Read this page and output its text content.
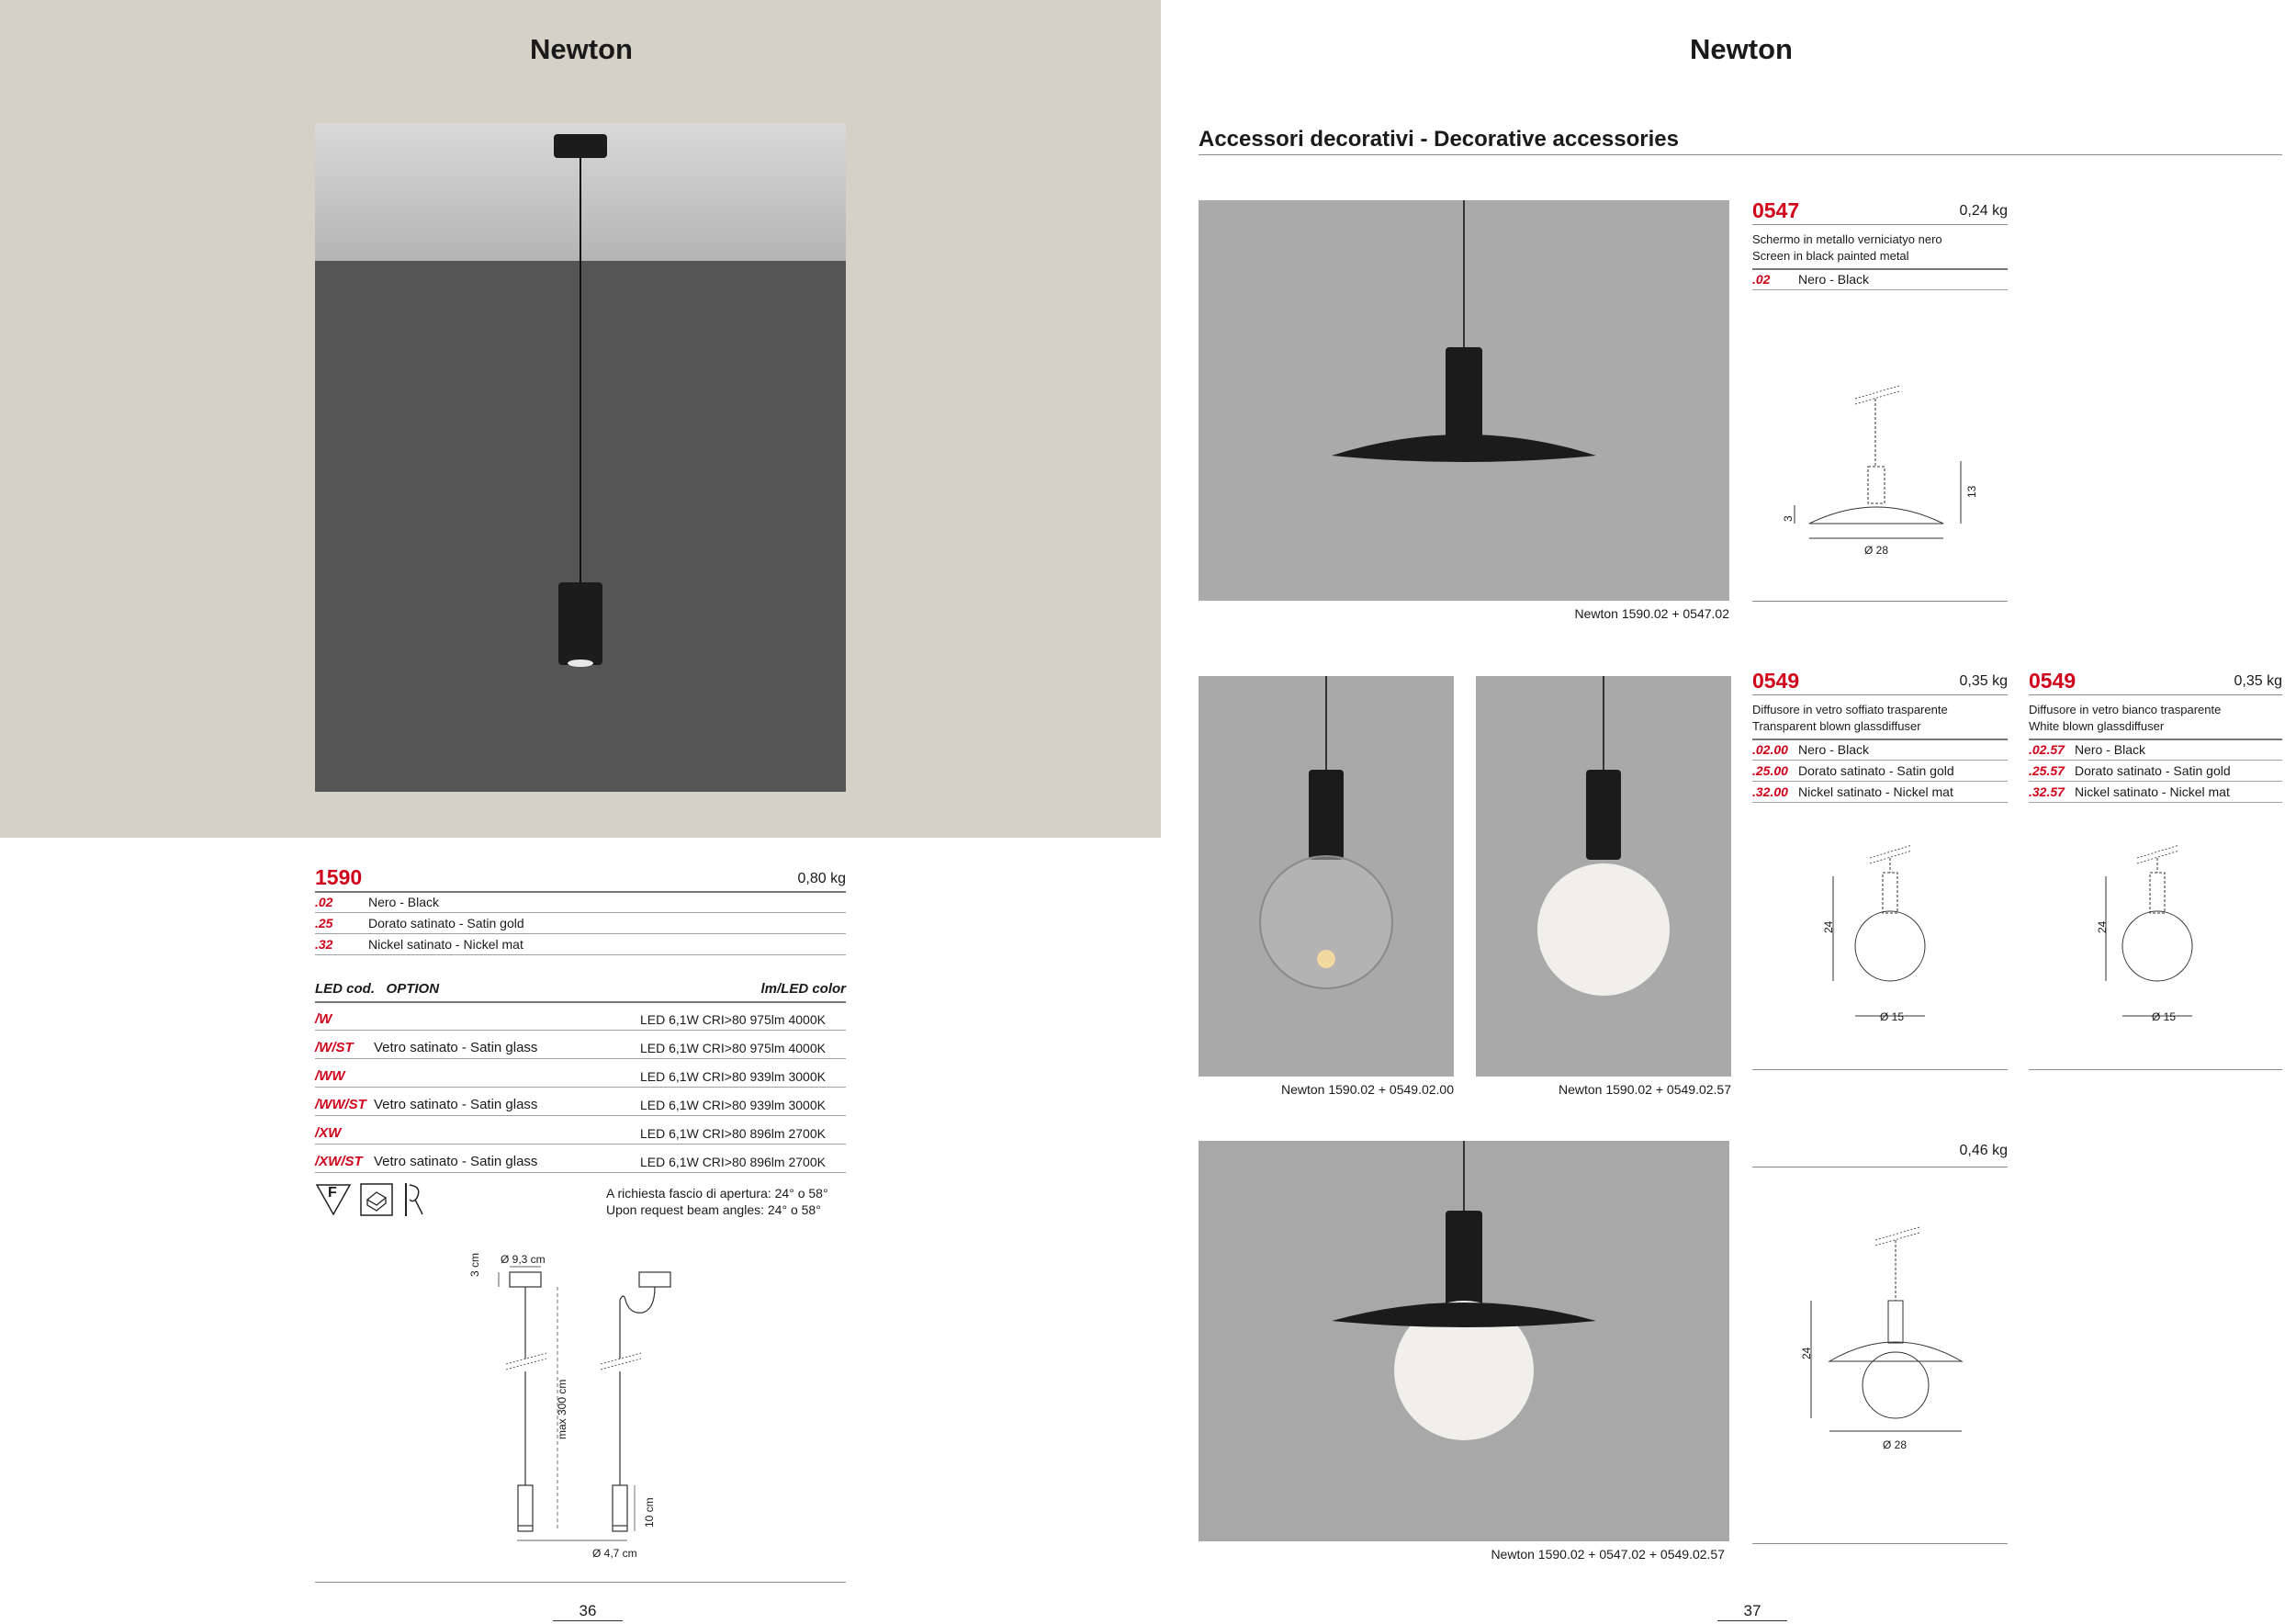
Newton
1590	0,80 kg
.02	Nero - Black
.25	Dorato satinato - Satin gold
.32	Nickel satinato - Nickel mat
LED cod. OPTION	lm/LED color
/W	LED 6,1W CRI>80 975lm 4000K
/W/ST Vetro satinato - Satin glass	LED 6,1W CRI>80 975lm 4000K
/WW	LED 6,1W CRI>80 939lm 3000K
/WW/ST Vetro satinato - Satin glass	LED 6,1W CRI>80 939lm 3000K
/XW	LED 6,1W CRI>80 896lm 2700K
/XW/ST Vetro satinato - Satin glass	LED 6,1W CRI>80 896lm 2700K
F	A richiesta fascio di apertura: 24° o 58°
Upon request beam angles: 24° o 58°
Ø 9,3 cm
3 cm
max 300 cm
10 cm
Ø 4,7 cm
36
Newton
Accessori decorativi - Decorative accessories
Newton 1590.02 + 0547.02
0547	0,24 kg
Schermo in metallo verniciatyo nero
Screen in black painted metal
.02	Nero - Black
Ø 28
3
13
Newton 1590.02 + 0549.02.00	Newton 1590.02 + 0549.02.57
0549	0,35 kg
Diffusore in vetro soffiato trasparente
Transparent blown glassdiffuser
.02.00 Nero - Black
.25.00 Dorato satinato - Satin gold
.32.00 Nickel satinato - Nickel mat
Ø 15
24
0549	0,35 kg
Diffusore in vetro bianco trasparente
White blown glassdiffuser
.02.57 Nero - Black
.25.57 Dorato satinato - Satin gold
.32.57 Nickel satinato - Nickel mat
Ø 15
24
Newton 1590.02 + 0547.02 + 0549.02.57
0,46 kg
Ø 28
24
37
